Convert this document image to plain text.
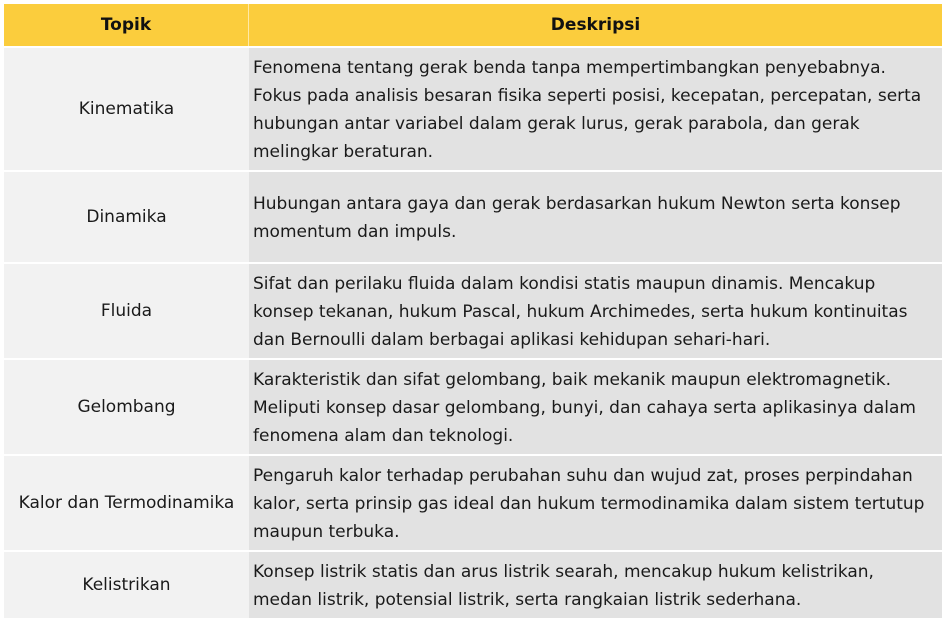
Topik	Deskripsi
Kinematika
Fenomena tentang gerak benda tanpa mempertimbangkan penyebabnya. Fokus pada analisis besaran fisika seperti posisi, kecepatan, percepatan, serta hubungan antar variabel dalam gerak lurus, gerak parabola, dan gerak melingkar beraturan.
Dinamika
Hubungan antara gaya dan gerak berdasarkan hukum Newton serta konsep momentum dan impuls.
Fluida
Sifat dan perilaku fluida dalam kondisi statis maupun dinamis. Mencakup konsep tekanan, hukum Pascal, hukum Archimedes, serta hukum kontinuitas dan Bernoulli dalam berbagai aplikasi kehidupan sehari-hari.
Gelombang
Karakteristik dan sifat gelombang, baik mekanik maupun elektromagnetik. Meliputi konsep dasar gelombang, bunyi, dan cahaya serta aplikasinya dalam fenomena alam dan teknologi.
Kalor dan Termodinamika
Pengaruh kalor terhadap perubahan suhu dan wujud zat, proses perpindahan kalor, serta prinsip gas ideal dan hukum termodinamika dalam sistem tertutup maupun terbuka.
Kelistrikan
Konsep listrik statis dan arus listrik searah, mencakup hukum kelistrikan, medan listrik, potensial listrik, serta rangkaian listrik sederhana.
